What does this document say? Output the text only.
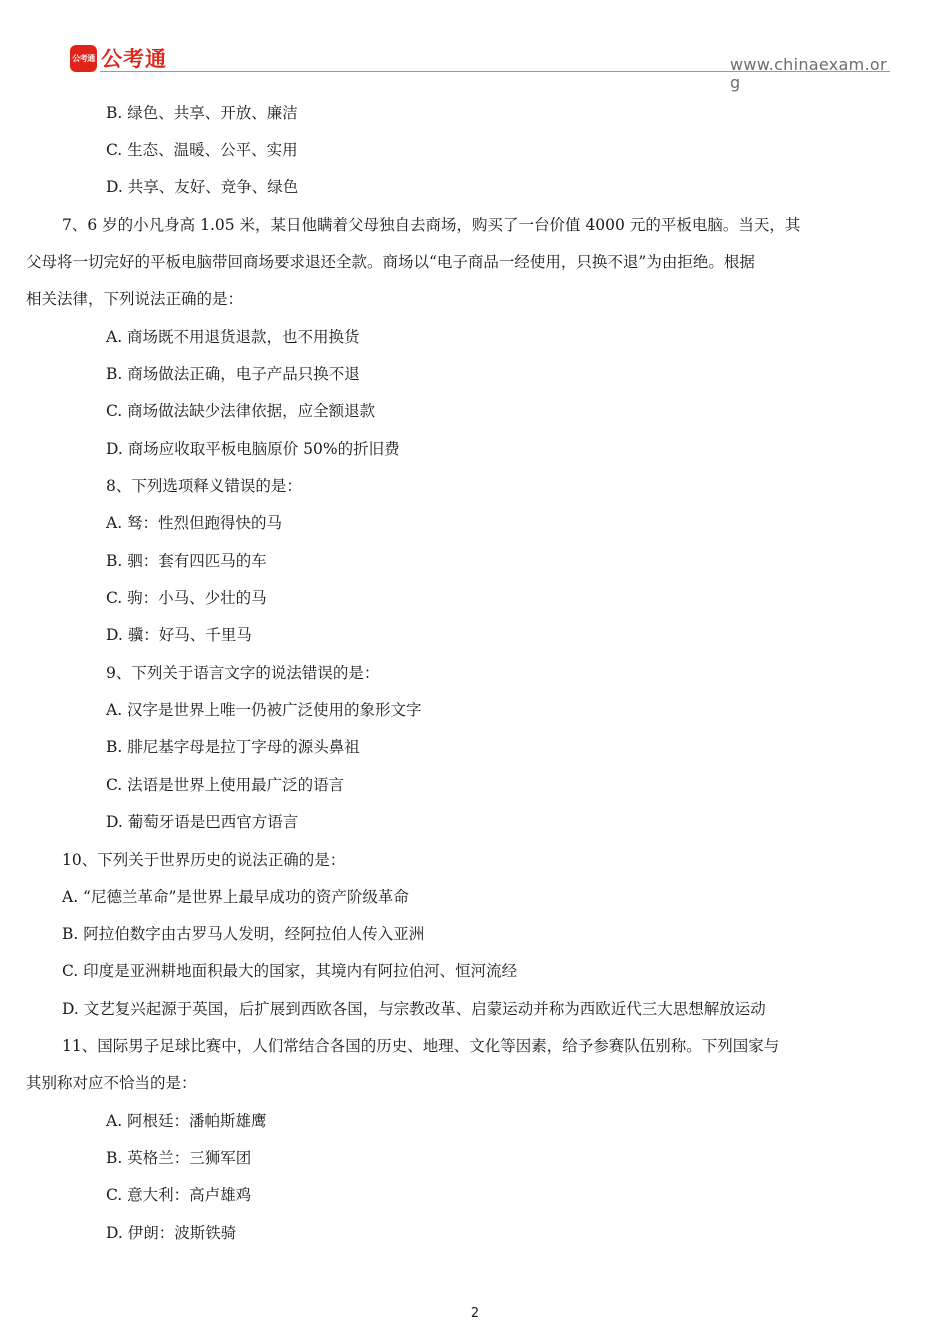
公考通 公考通	www.chinaexam.org
B. 绿色、共享、开放、廉洁
C. 生态、温暖、公平、实用
D. 共享、友好、竞争、绿色
7、6 岁的小凡身高 1.05 米，某日他瞒着父母独自去商场，购买了一台价值 4000 元的平板电脑。当天，其
父母将一切完好的平板电脑带回商场要求退还全款。商场以“电子商品一经使用，只换不退”为由拒绝。根据
相关法律，下列说法正确的是：
A. 商场既不用退货退款，也不用换货
B. 商场做法正确，电子产品只换不退
C. 商场做法缺少法律依据，应全额退款
D. 商场应收取平板电脑原价 50%的折旧费
8、下列选项释义错误的是：
A. 驽：性烈但跑得快的马
B. 驷：套有四匹马的车
C. 驹：小马、少壮的马
D. 骥：好马、千里马
9、下列关于语言文字的说法错误的是：
A. 汉字是世界上唯一仍被广泛使用的象形文字
B. 腓尼基字母是拉丁字母的源头鼻祖
C. 法语是世界上使用最广泛的语言
D. 葡萄牙语是巴西官方语言
10、下列关于世界历史的说法正确的是：
A. “尼德兰革命”是世界上最早成功的资产阶级革命
B. 阿拉伯数字由古罗马人发明，经阿拉伯人传入亚洲
C. 印度是亚洲耕地面积最大的国家，其境内有阿拉伯河、恒河流经
D. 文艺复兴起源于英国，后扩展到西欧各国，与宗教改革、启蒙运动并称为西欧近代三大思想解放运动
11、国际男子足球比赛中，人们常结合各国的历史、地理、文化等因素，给予参赛队伍别称。下列国家与
其别称对应不恰当的是：
A. 阿根廷：潘帕斯雄鹰
B. 英格兰：三狮军团
C. 意大利：高卢雄鸡
D. 伊朗：波斯铁骑
2
